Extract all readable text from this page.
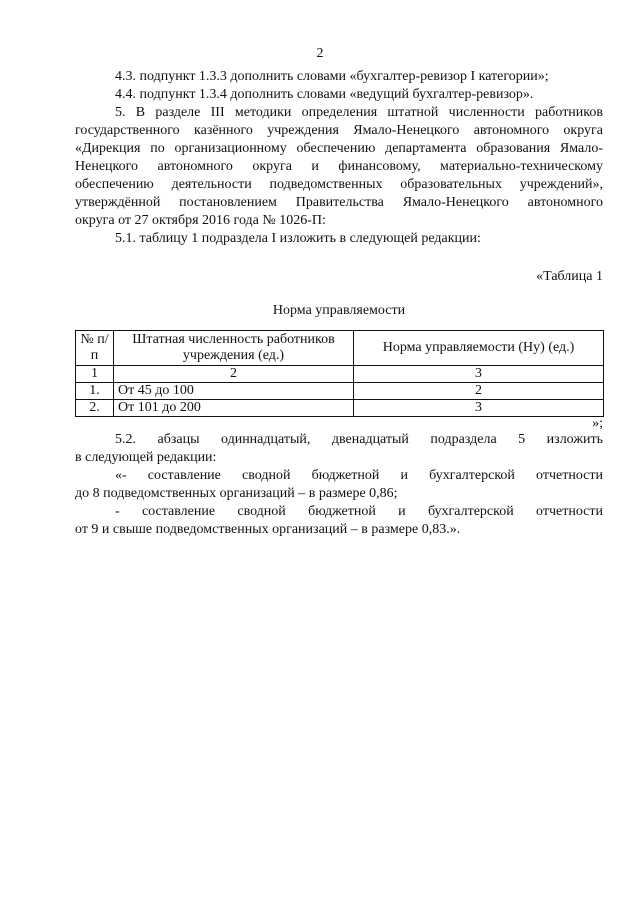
2

4.3. подпункт 1.3.3 дополнить словами «бухгалтер-ревизор I категории»;

4.4. подпункт 1.3.4 дополнить словами «ведущий бухгалтер-ревизор».

5. В разделе III методики определения штатной численности работников

государственного казённого учреждения Ямало-Ненецкого автономного округа

«Дирекция по организационному обеспечению департамента образования Ямало-

Ненецкого автономного округа и финансовому, материально-техническому

обеспечению деятельности подведомственных образовательных учреждений»,

утверждённой постановлением Правительства Ямало-Ненецкого автономного

округа от 27 октября 2016 года № 1026-П:

5.1. таблицу 1 подраздела I изложить в следующей редакции:

«Таблица 1

Норма управляемости

№ п/п	Штатная численность работников учреждения (ед.)	Норма управляемости (Ну) (ед.)
1	2	3
1.	От 45 до 100	2
2.	От 101 до 200	3

»;

5.2. абзацы одиннадцатый, двенадцатый подраздела 5 изложить

в следующей редакции:

«- составление сводной бюджетной и бухгалтерской отчетности

до 8 подведомственных организаций – в размере 0,86;

- составление сводной бюджетной и бухгалтерской отчетности

от 9 и свыше подведомственных организаций – в размере 0,83.».
